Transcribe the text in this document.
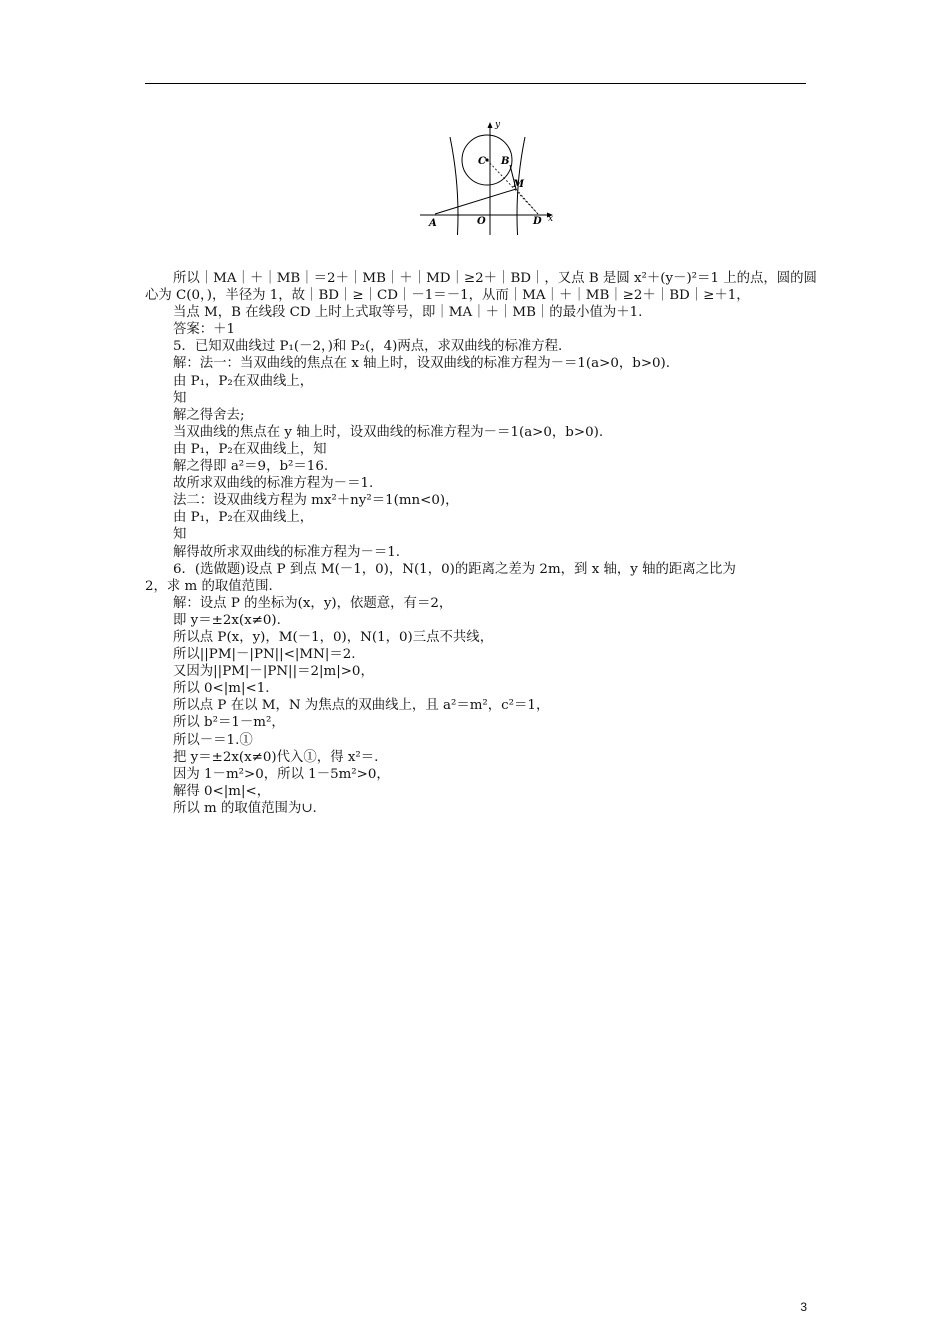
y
x
A	O	D
C B
M
所以｜MA｜＋｜MB｜＝2＋｜MB｜＋｜MD｜≥2＋｜BD｜，又点 B 是圆 x²＋(y－)²＝1 上的点，圆的圆
心为 C(0，)，半径为 1，故｜BD｜≥｜CD｜－1＝－1，从而｜MA｜＋｜MB｜≥2＋｜BD｜≥＋1，
当点 M，B 在线段 CD 上时上式取等号，即｜MA｜＋｜MB｜的最小值为＋1.
答案：＋1
5．已知双曲线过 P₁(－2，)和 P₂(，4)两点，求双曲线的标准方程.
解：法一：当双曲线的焦点在 x 轴上时，设双曲线的标准方程为－＝1(a>0，b>0).
由 P₁，P₂在双曲线上，
知
解之得舍去;
当双曲线的焦点在 y 轴上时，设双曲线的标准方程为－＝1(a>0，b>0).
由 P₁，P₂在双曲线上，知
解之得即 a²＝9，b²＝16.
故所求双曲线的标准方程为－＝1.
法二：设双曲线方程为 mx²＋ny²＝1(mn<0)，
由 P₁，P₂在双曲线上，
知
解得故所求双曲线的标准方程为－＝1.
6．(选做题)设点 P 到点 M(－1，0)，N(1，0)的距离之差为 2m，到 x 轴，y 轴的距离之比为
2，求 m 的取值范围.
解：设点 P 的坐标为(x，y)，依题意，有＝2，
即 y＝±2x(x≠0).
所以点 P(x，y)，M(－1，0)，N(1，0)三点不共线，
所以||PM|－|PN||<|MN|＝2.
又因为||PM|－|PN||＝2|m|>0，
所以 0<|m|<1.
所以点 P 在以 M，N 为焦点的双曲线上，且 a²＝m²，c²＝1，
所以 b²＝1－m²，
所以－＝1.①
把 y＝±2x(x≠0)代入①，得 x²＝.
因为 1－m²>0，所以 1－5m²>0，
解得 0<|m|<，
所以 m 的取值范围为∪.
3
